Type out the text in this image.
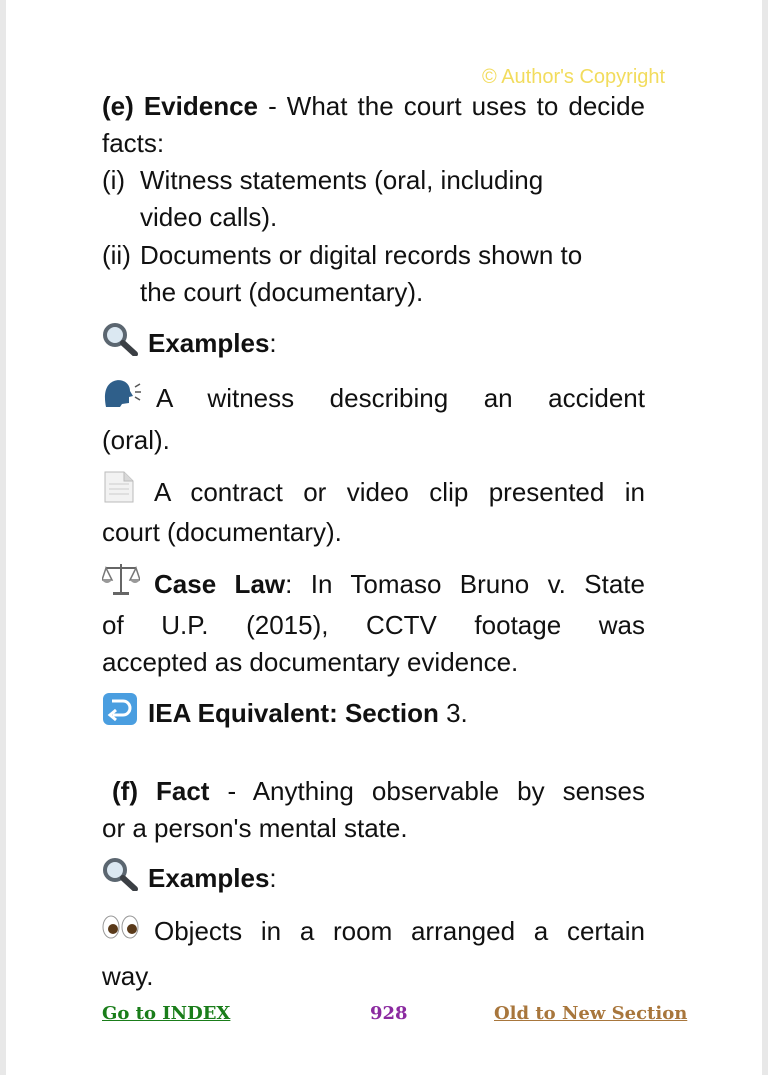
© Author's Copyright
(e) Evidence - What the court uses to decide facts:
(i) Witness statements (oral, including
video calls).
(ii) Documents or digital records shown to
the court (documentary).
Examples:
A witness describing an accident
(oral).
A contract or video clip presented in
court (documentary).
Case Law: In Tomaso Bruno v. State
of U.P. (2015), CCTV footage was
accepted as documentary evidence.
IEA Equivalent: Section 3.
(f) Fact - Anything observable by senses
or a person's mental state.
Examples:
Objects in a room arranged a certain
way.
Go to INDEX	928	Old to New Section
